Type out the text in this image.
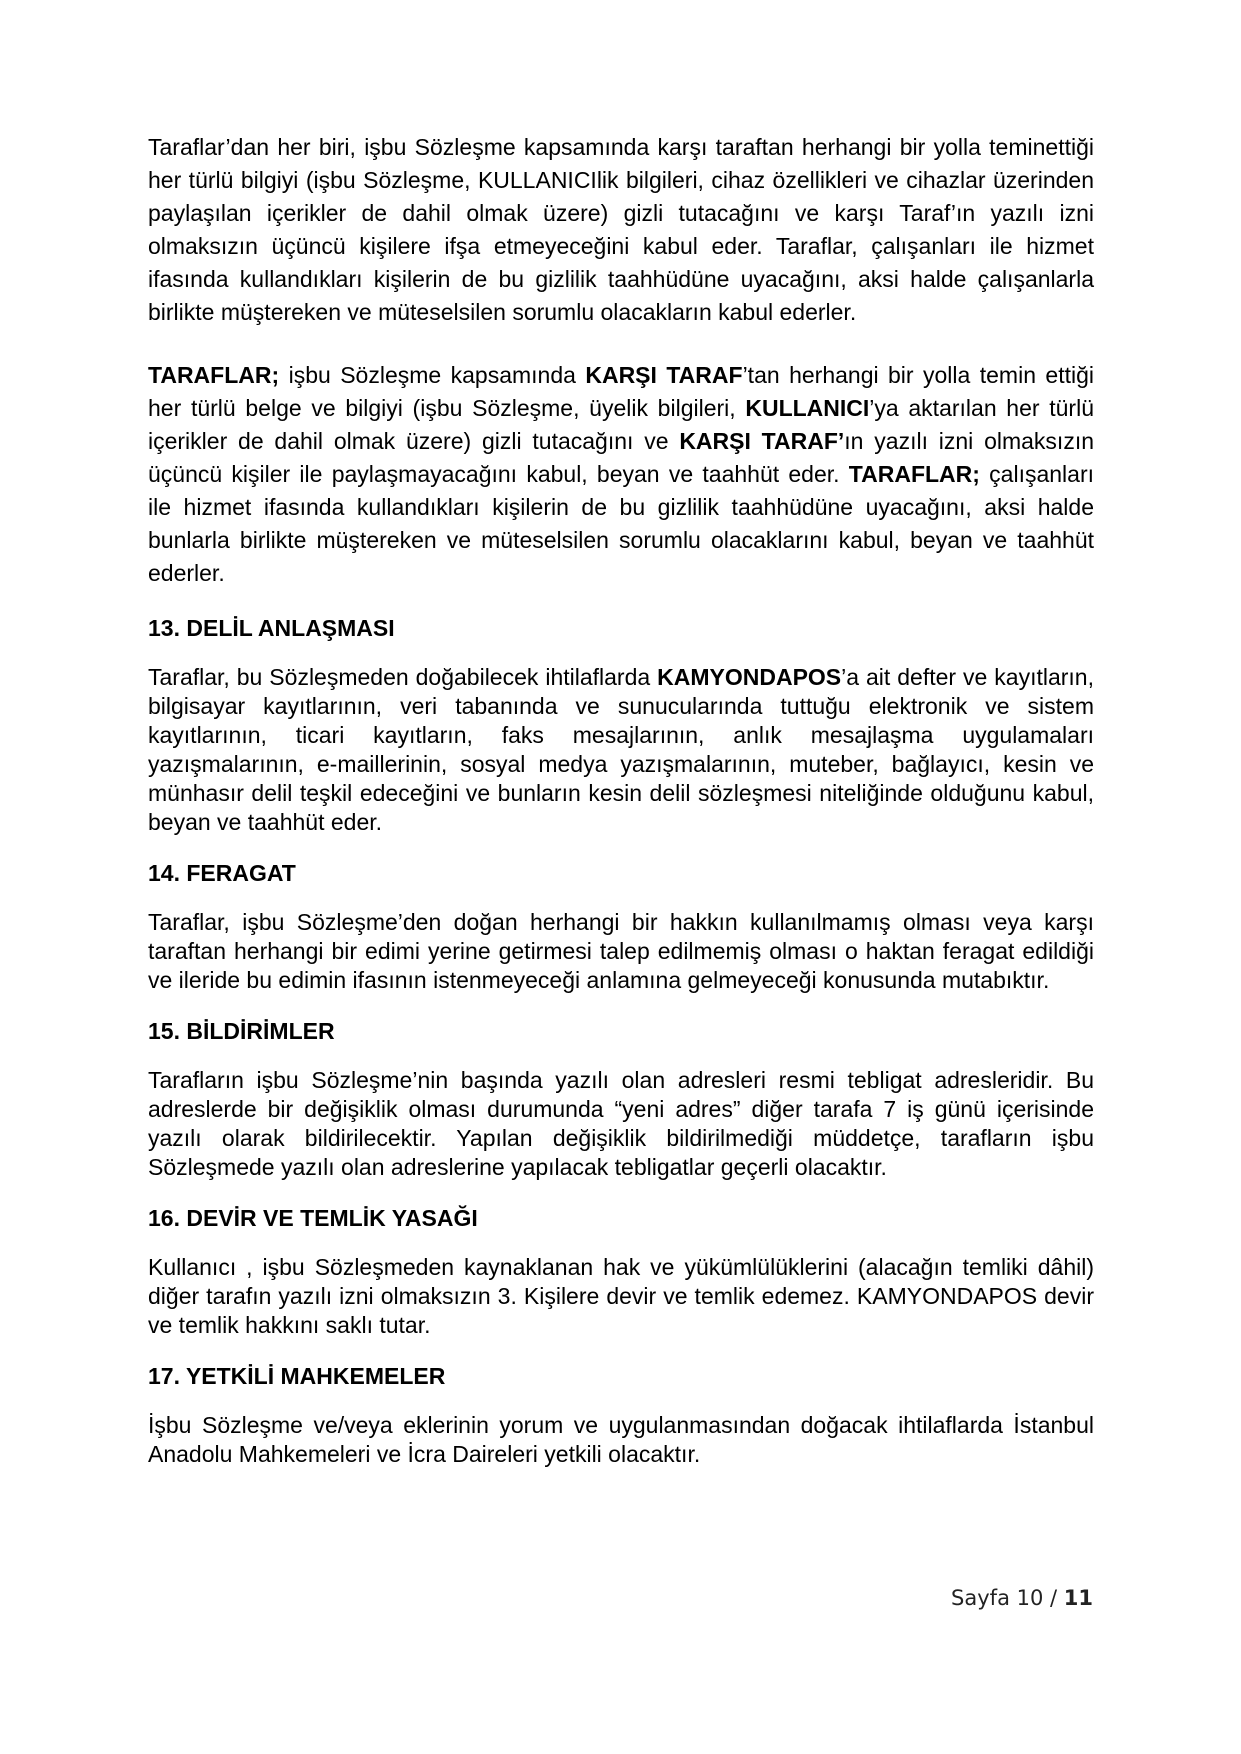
Taraflar’dan her biri, işbu Sözleşme kapsamında karşı taraftan herhangi bir yolla teminettiği her türlü bilgiyi (işbu Sözleşme, KULLANICIlik bilgileri, cihaz özellikleri ve cihazlar üzerinden paylaşılan içerikler de dahil olmak üzere) gizli tutacağını ve karşı Taraf’ın yazılı izni olmaksızın üçüncü kişilere ifşa etmeyeceğini kabul eder. Taraflar, çalışanları ile hizmet ifasında kullandıkları kişilerin de bu gizlilik taahhüdüne uyacağını, aksi halde çalışanlarla birlikte müştereken ve müteselsilen sorumlu olacakların kabul ederler.

TARAFLAR; işbu Sözleşme kapsamında KARŞI TARAF’tan herhangi bir yolla temin ettiği her türlü belge ve bilgiyi (işbu Sözleşme, üyelik bilgileri, KULLANICI’ya aktarılan her türlü içerikler de dahil olmak üzere) gizli tutacağını ve KARŞI TARAF’ın yazılı izni olmaksızın üçüncü kişiler ile paylaşmayacağını kabul, beyan ve taahhüt eder. TARAFLAR; çalışanları ile hizmet ifasında kullandıkları kişilerin de bu gizlilik taahhüdüne uyacağını, aksi halde bunlarla birlikte müştereken ve müteselsilen sorumlu olacaklarını kabul, beyan ve taahhüt ederler.

13. DELİL ANLAŞMASI

Taraflar, bu Sözleşmeden doğabilecek ihtilaflarda KAMYONDAPOS’a ait defter ve kayıtların, bilgisayar kayıtlarının, veri tabanında ve sunucularında tuttuğu elektronik ve sistem kayıtlarının, ticari kayıtların, faks mesajlarının, anlık mesajlaşma uygulamaları yazışmalarının, e-maillerinin, sosyal medya yazışmalarının, muteber, bağlayıcı, kesin ve münhasır delil teşkil edeceğini ve bunların kesin delil sözleşmesi niteliğinde olduğunu kabul, beyan ve taahhüt eder.

14. FERAGAT

Taraflar, işbu Sözleşme’den doğan herhangi bir hakkın kullanılmamış olması veya karşı taraftan herhangi bir edimi yerine getirmesi talep edilmemiş olması o haktan feragat edildiği ve ileride bu edimin ifasının istenmeyeceği anlamına gelmeyeceği konusunda mutabıktır.

15. BİLDİRİMLER

Tarafların işbu Sözleşme’nin başında yazılı olan adresleri resmi tebligat adresleridir. Bu adreslerde bir değişiklik olması durumunda “yeni adres” diğer tarafa 7 iş günü içerisinde yazılı olarak bildirilecektir. Yapılan değişiklik bildirilmediği müddetçe, tarafların işbu Sözleşmede yazılı olan adreslerine yapılacak tebligatlar geçerli olacaktır.

16. DEVİR VE TEMLİK YASAĞI

Kullanıcı , işbu Sözleşmeden kaynaklanan hak ve yükümlülüklerini (alacağın temliki dâhil) diğer tarafın yazılı izni olmaksızın 3. Kişilere devir ve temlik edemez. KAMYONDAPOS devir ve temlik hakkını saklı tutar.

17. YETKİLİ MAHKEMELER

İşbu Sözleşme ve/veya eklerinin yorum ve uygulanmasından doğacak ihtilaflarda İstanbul Anadolu Mahkemeleri ve İcra Daireleri yetkili olacaktır.

Sayfa 10 / 11
